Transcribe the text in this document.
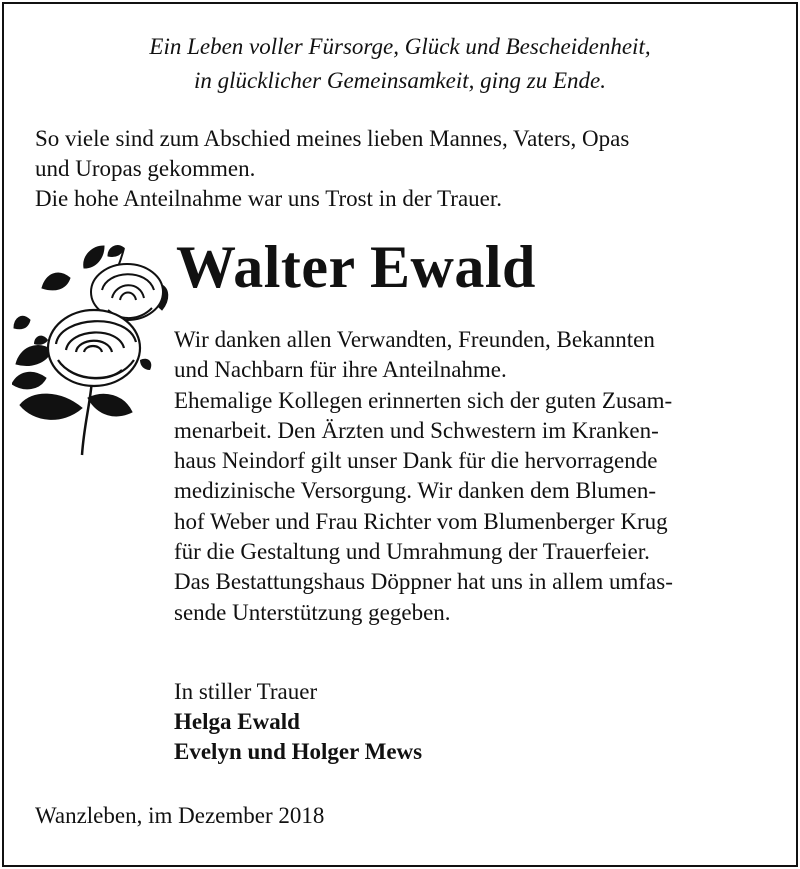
Ein Leben voller Fürsorge, Glück und Bescheidenheit,
in glücklicher Gemeinsamkeit, ging zu Ende.
So viele sind zum Abschied meines lieben Mannes, Vaters, Opas
und Uropas gekommen.
Die hohe Anteilnahme war uns Trost in der Trauer.
Walter Ewald
Wir danken allen Verwandten, Freunden, Bekannten
und Nachbarn für ihre Anteilnahme.
Ehemalige Kollegen erinnerten sich der guten Zusam-
menarbeit. Den Ärzten und Schwestern im Kranken-
haus Neindorf gilt unser Dank für die hervorragende
medizinische Versorgung. Wir danken dem Blumen-
hof Weber und Frau Richter vom Blumenberger Krug
für die Gestaltung und Umrahmung der Trauerfeier.
Das Bestattungshaus Döppner hat uns in allem umfas-
sende Unterstützung gegeben.
In stiller Trauer
Helga Ewald
Evelyn und Holger Mews
Wanzleben, im Dezember 2018
